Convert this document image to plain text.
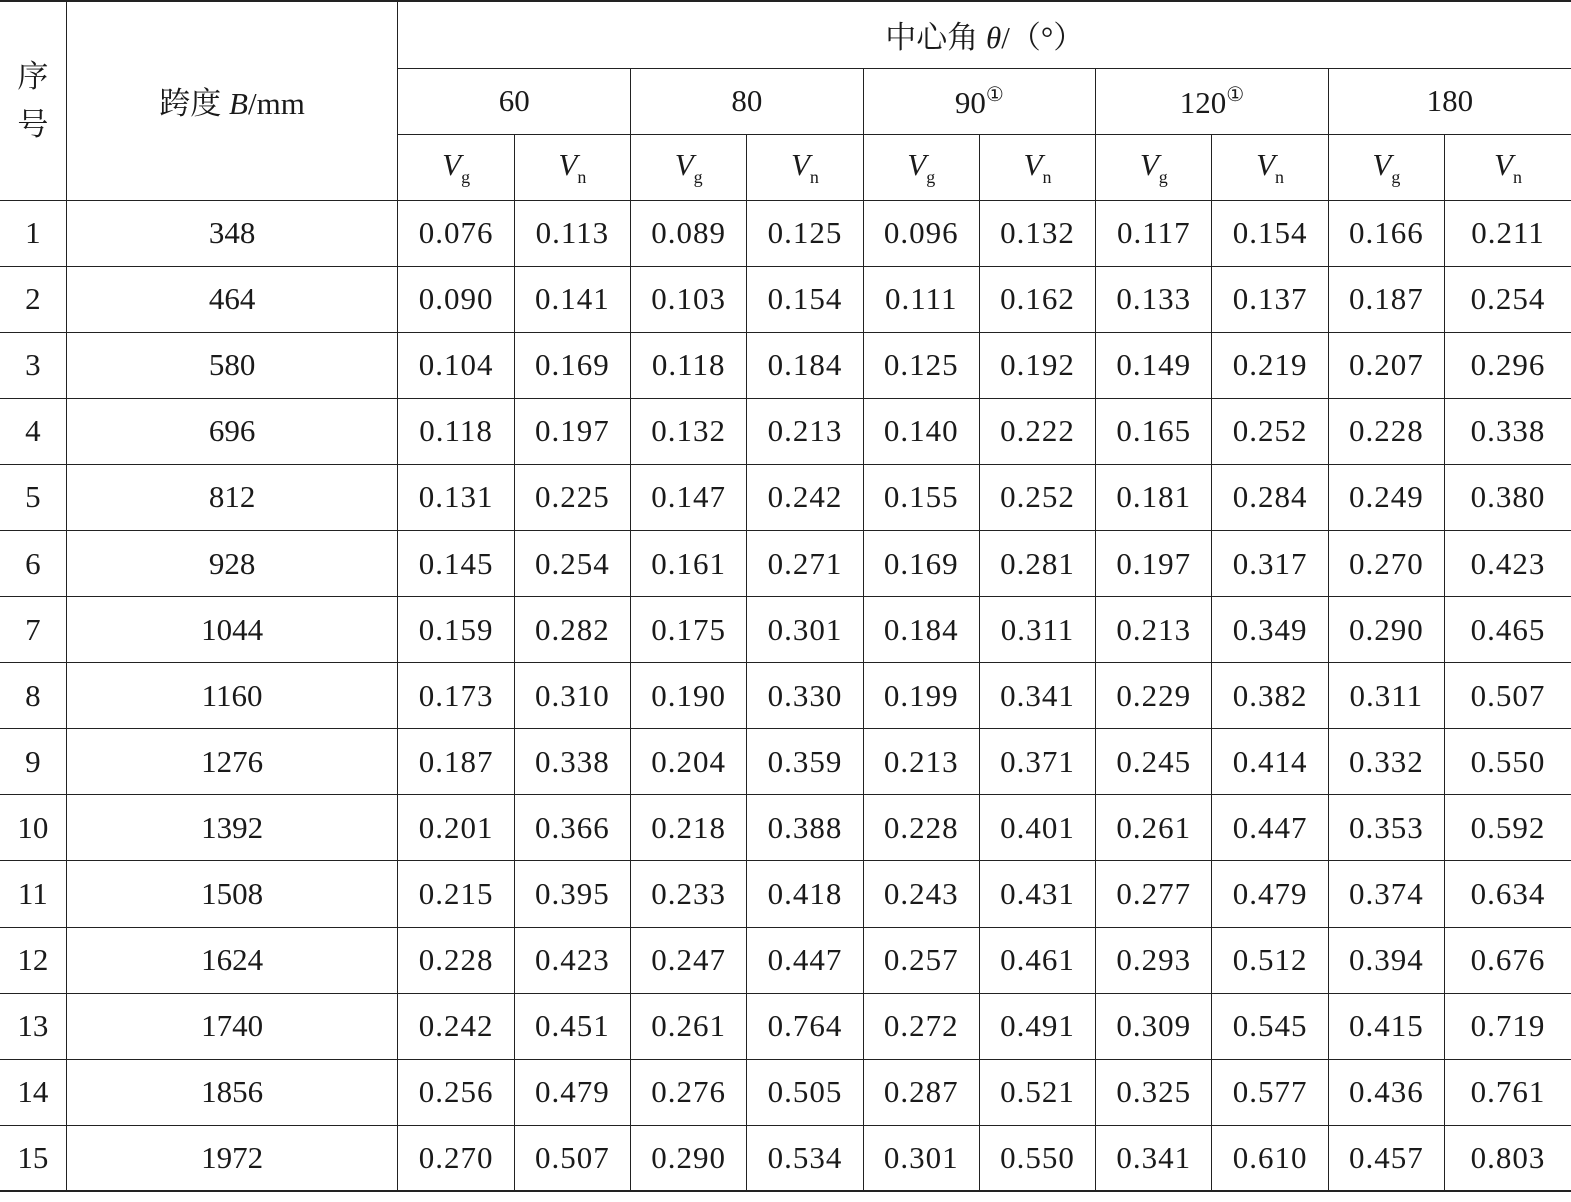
序
号	跨度 B/mm	中心角 θ/（°）									
		60		80		90①		120①		180	
		$V_g$	$V_n$	$V_g$	$V_n$	$V_g$	$V_n$	$V_g$	$V_n$	$V_g$	$V_n$
1	348	0.076	0.113	0.089	0.125	0.096	0.132	0.117	0.154	0.166	0.211
2	464	0.090	0.141	0.103	0.154	0.111	0.162	0.133	0.137	0.187	0.254
3	580	0.104	0.169	0.118	0.184	0.125	0.192	0.149	0.219	0.207	0.296
4	696	0.118	0.197	0.132	0.213	0.140	0.222	0.165	0.252	0.228	0.338
5	812	0.131	0.225	0.147	0.242	0.155	0.252	0.181	0.284	0.249	0.380
6	928	0.145	0.254	0.161	0.271	0.169	0.281	0.197	0.317	0.270	0.423
7	1044	0.159	0.282	0.175	0.301	0.184	0.311	0.213	0.349	0.290	0.465
8	1160	0.173	0.310	0.190	0.330	0.199	0.341	0.229	0.382	0.311	0.507
9	1276	0.187	0.338	0.204	0.359	0.213	0.371	0.245	0.414	0.332	0.550
10	1392	0.201	0.366	0.218	0.388	0.228	0.401	0.261	0.447	0.353	0.592
11	1508	0.215	0.395	0.233	0.418	0.243	0.431	0.277	0.479	0.374	0.634
12	1624	0.228	0.423	0.247	0.447	0.257	0.461	0.293	0.512	0.394	0.676
13	1740	0.242	0.451	0.261	0.764	0.272	0.491	0.309	0.545	0.415	0.719
14	1856	0.256	0.479	0.276	0.505	0.287	0.521	0.325	0.577	0.436	0.761
15	1972	0.270	0.507	0.290	0.534	0.301	0.550	0.341	0.610	0.457	0.803
